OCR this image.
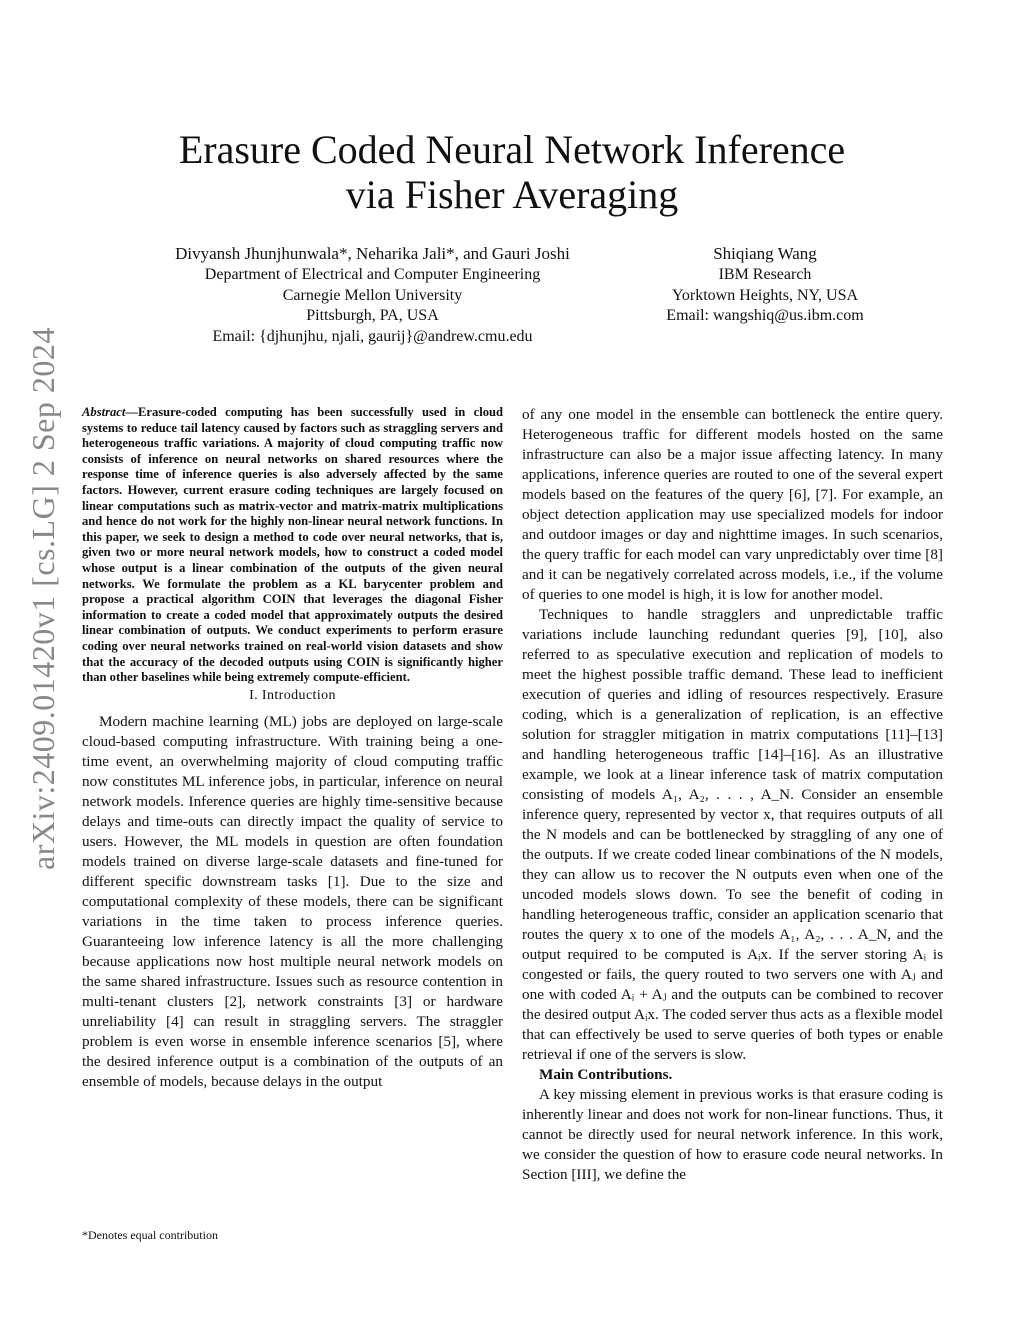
arXiv:2409.01420v1 [cs.LG] 2 Sep 2024
Erasure Coded Neural Network Inference
via Fisher Averaging
Divyansh Jhunjhunwala*, Neharika Jali*, and Gauri Joshi
Department of Electrical and Computer Engineering
Carnegie Mellon University
Pittsburgh, PA, USA
Email: {djhunjhu, njali, gaurij}@andrew.cmu.edu
Shiqiang Wang
IBM Research
Yorktown Heights, NY, USA
Email: wangshiq@us.ibm.com

Abstract—Erasure-coded computing has been successfully used in cloud systems to reduce tail latency caused by factors such as straggling servers and heterogeneous traffic variations. A majority of cloud computing traffic now consists of inference on neural networks on shared resources where the response time of inference queries is also adversely affected by the same factors. However, current erasure coding techniques are largely focused on linear computations such as matrix-vector and matrix-matrix multiplications and hence do not work for the highly non-linear neural network functions. In this paper, we seek to design a method to code over neural networks, that is, given two or more neural network models, how to construct a coded model whose output is a linear combination of the outputs of the given neural networks. We formulate the problem as a KL barycenter problem and propose a practical algorithm COIN that leverages the diagonal Fisher information to create a coded model that approximately outputs the desired linear combination of outputs. We conduct experiments to perform erasure coding over neural networks trained on real-world vision datasets and show that the accuracy of the decoded outputs using COIN is significantly higher than other baselines while being extremely compute-efficient.

I. Introduction

Modern machine learning (ML) jobs are deployed on large-scale cloud-based computing infrastructure. With training being a one-time event, an overwhelming majority of cloud computing traffic now constitutes ML inference jobs, in particular, inference on neural network models. Inference queries are highly time-sensitive because delays and time-outs can directly impact the quality of service to users. However, the ML models in question are often foundation models trained on diverse large-scale datasets and fine-tuned for different specific downstream tasks [1]. Due to the size and computational complexity of these models, there can be significant variations in the time taken to process inference queries. Guaranteeing low inference latency is all the more challenging because applications now host multiple neural network models on the same shared infrastructure. Issues such as resource contention in multi-tenant clusters [2], network constraints [3] or hardware unreliability [4] can result in straggling servers. The straggler problem is even worse in ensemble inference scenarios [5], where the desired inference output is a combination of the outputs of an ensemble of models, because delays in the output

*Denotes equal contribution

of any one model in the ensemble can bottleneck the entire query. Heterogeneous traffic for different models hosted on the same infrastructure can also be a major issue affecting latency. In many applications, inference queries are routed to one of the several expert models based on the features of the query [6], [7]. For example, an object detection application may use specialized models for indoor and outdoor images or day and nighttime images. In such scenarios, the query traffic for each model can vary unpredictably over time [8] and it can be negatively correlated across models, i.e., if the volume of queries to one model is high, it is low for another model.

Techniques to handle stragglers and unpredictable traffic variations include launching redundant queries [9], [10], also referred to as speculative execution and replication of models to meet the highest possible traffic demand. These lead to inefficient execution of queries and idling of resources respectively. Erasure coding, which is a generalization of replication, is an effective solution for straggler mitigation in matrix computations [11]–[13] and handling heterogeneous traffic [14]–[16]. As an illustrative example, we look at a linear inference task of matrix computation consisting of models A₁, A₂, . . . , A_N. Consider an ensemble inference query, represented by vector x, that requires outputs of all the N models and can be bottlenecked by straggling of any one of the outputs. If we create coded linear combinations of the N models, they can allow us to recover the N outputs even when one of the uncoded models slows down. To see the benefit of coding in handling heterogeneous traffic, consider an application scenario that routes the query x to one of the models A₁, A₂, . . . A_N, and the output required to be computed is Aᵢx. If the server storing Aᵢ is congested or fails, the query routed to two servers one with Aⱼ and one with coded Aᵢ + Aⱼ and the outputs can be combined to recover the desired output Aᵢx. The coded server thus acts as a flexible model that can effectively be used to serve queries of both types or enable retrieval if one of the servers is slow.

Main Contributions.

A key missing element in previous works is that erasure coding is inherently linear and does not work for non-linear functions. Thus, it cannot be directly used for neural network inference. In this work, we consider the question of how to erasure code neural networks. In Section [III], we define the
